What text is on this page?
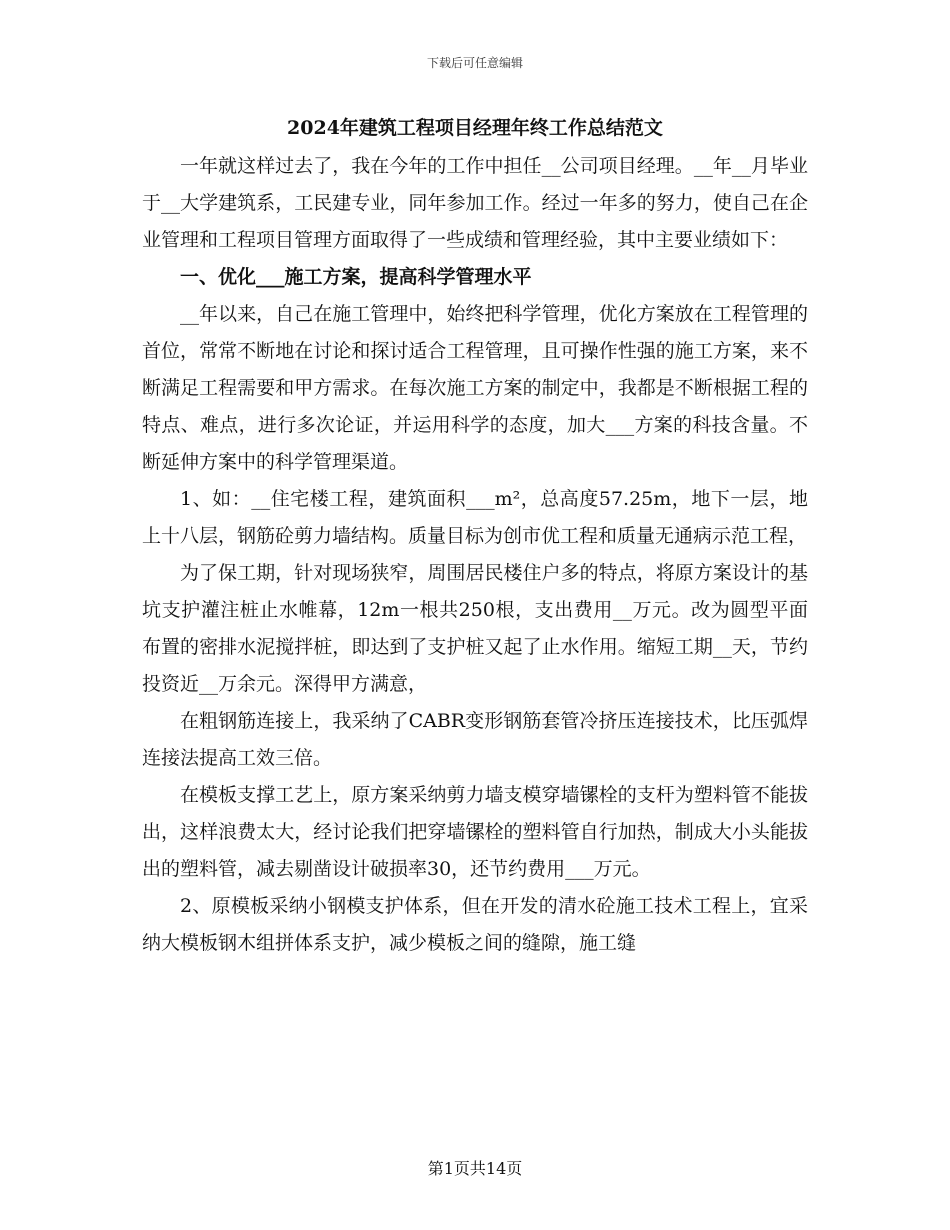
下载后可任意编辑
2024年建筑工程项目经理年终工作总结范文

一年就这样过去了，我在今年的工作中担任__公司项目经理。__年__月毕业于__大学建筑系，工民建专业，同年参加工作。经过一年多的努力，使自己在企业管理和工程项目管理方面取得了一些成绩和管理经验，其中主要业绩如下：

一、优化___施工方案，提高科学管理水平

__年以来，自己在施工管理中，始终把科学管理，优化方案放在工程管理的首位，常常不断地在讨论和探讨适合工程管理，且可操作性强的施工方案，来不断满足工程需要和甲方需求。在每次施工方案的制定中，我都是不断根据工程的特点、难点，进行多次论证，并运用科学的态度，加大___方案的科技含量。不断延伸方案中的科学管理渠道。

1、如：__住宅楼工程，建筑面积___m²，总高度57.25m，地下一层，地上十八层，钢筋砼剪力墙结构。质量目标为创市优工程和质量无通病示范工程，

为了保工期，针对现场狭窄，周围居民楼住户多的特点，将原方案设计的基坑支护灌注桩止水帷幕，12m一根共250根，支出费用__万元。改为圆型平面布置的密排水泥搅拌桩，即达到了支护桩又起了止水作用。缩短工期__天，节约投资近__万余元。深得甲方满意，

在粗钢筋连接上，我采纳了CABR变形钢筋套管冷挤压连接技术，比压弧焊连接法提高工效三倍。

在模板支撑工艺上，原方案采纳剪力墙支模穿墙镙栓的支杆为塑料管不能拔出，这样浪费太大，经讨论我们把穿墙镙栓的塑料管自行加热，制成大小头能拔出的塑料管，减去剔凿设计破损率30，还节约费用___万元。

2、原模板采纳小钢模支护体系，但在开发的清水砼施工技术工程上，宜采纳大模板钢木组拼体系支护，减少模板之间的缝隙，施工缝

第1页共14页
